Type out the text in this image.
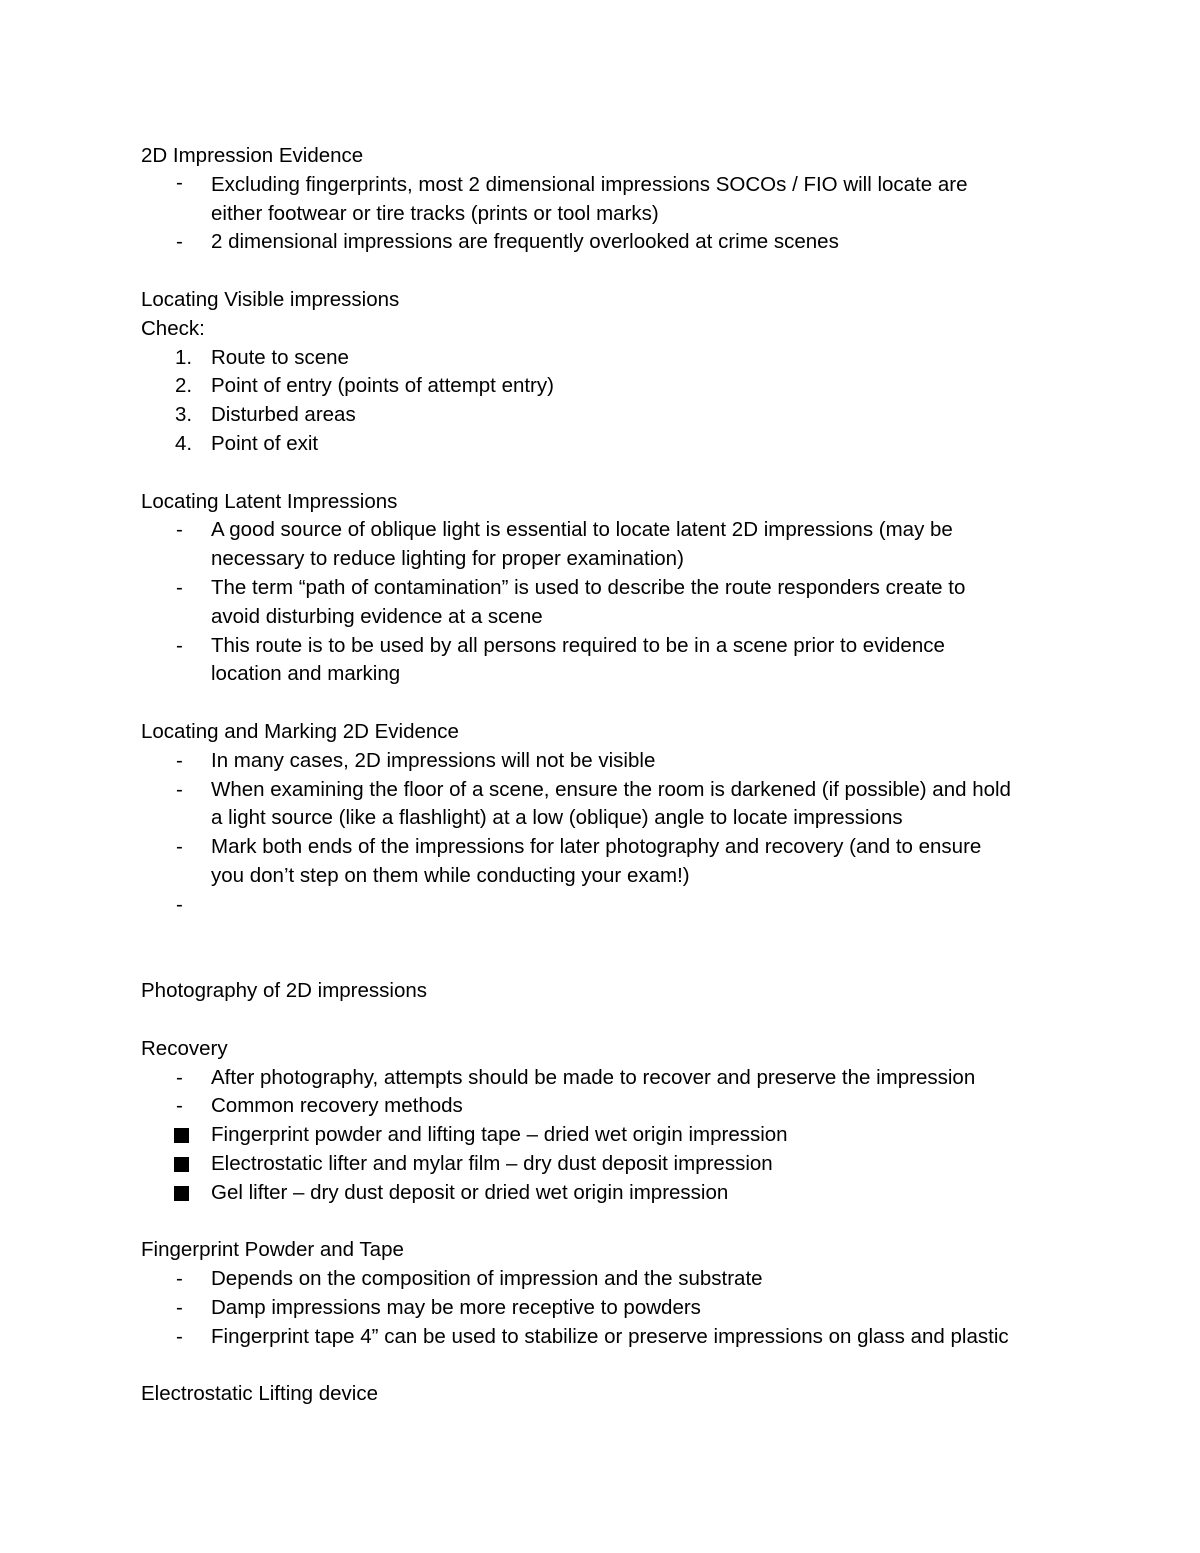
2D Impression Evidence
-	Excluding fingerprints, most 2 dimensional impressions SOCOs / FIO will locate are
either footwear or tire tracks (prints or tool marks)
-	2 dimensional impressions are frequently overlooked at crime scenes
Locating Visible impressions
Check:
1. Route to scene
2. Point of entry (points of attempt entry)
3. Disturbed areas
4. Point of exit
Locating Latent Impressions
-	A good source of oblique light is essential to locate latent 2D impressions (may be
necessary to reduce lighting for proper examination)
-	The term “path of contamination” is used to describe the route responders create to
avoid disturbing evidence at a scene
-	This route is to be used by all persons required to be in a scene prior to evidence
location and marking
Locating and Marking 2D Evidence
-	In many cases, 2D impressions will not be visible
-	When examining the floor of a scene, ensure the room is darkened (if possible) and hold
a light source (like a flashlight) at a low (oblique) angle to locate impressions
-	Mark both ends of the impressions for later photography and recovery (and to ensure
you don’t step on them while conducting your exam!)
-
Photography of 2D impressions
Recovery
-	After photography, attempts should be made to recover and preserve the impression
-	Common recovery methods
Fingerprint powder and lifting tape – dried wet origin impression
Electrostatic lifter and mylar film – dry dust deposit impression
Gel lifter – dry dust deposit or dried wet origin impression
Fingerprint Powder and Tape
-	Depends on the composition of impression and the substrate
-	Damp impressions may be more receptive to powders
-	Fingerprint tape 4” can be used to stabilize or preserve impressions on glass and plastic
Electrostatic Lifting device
